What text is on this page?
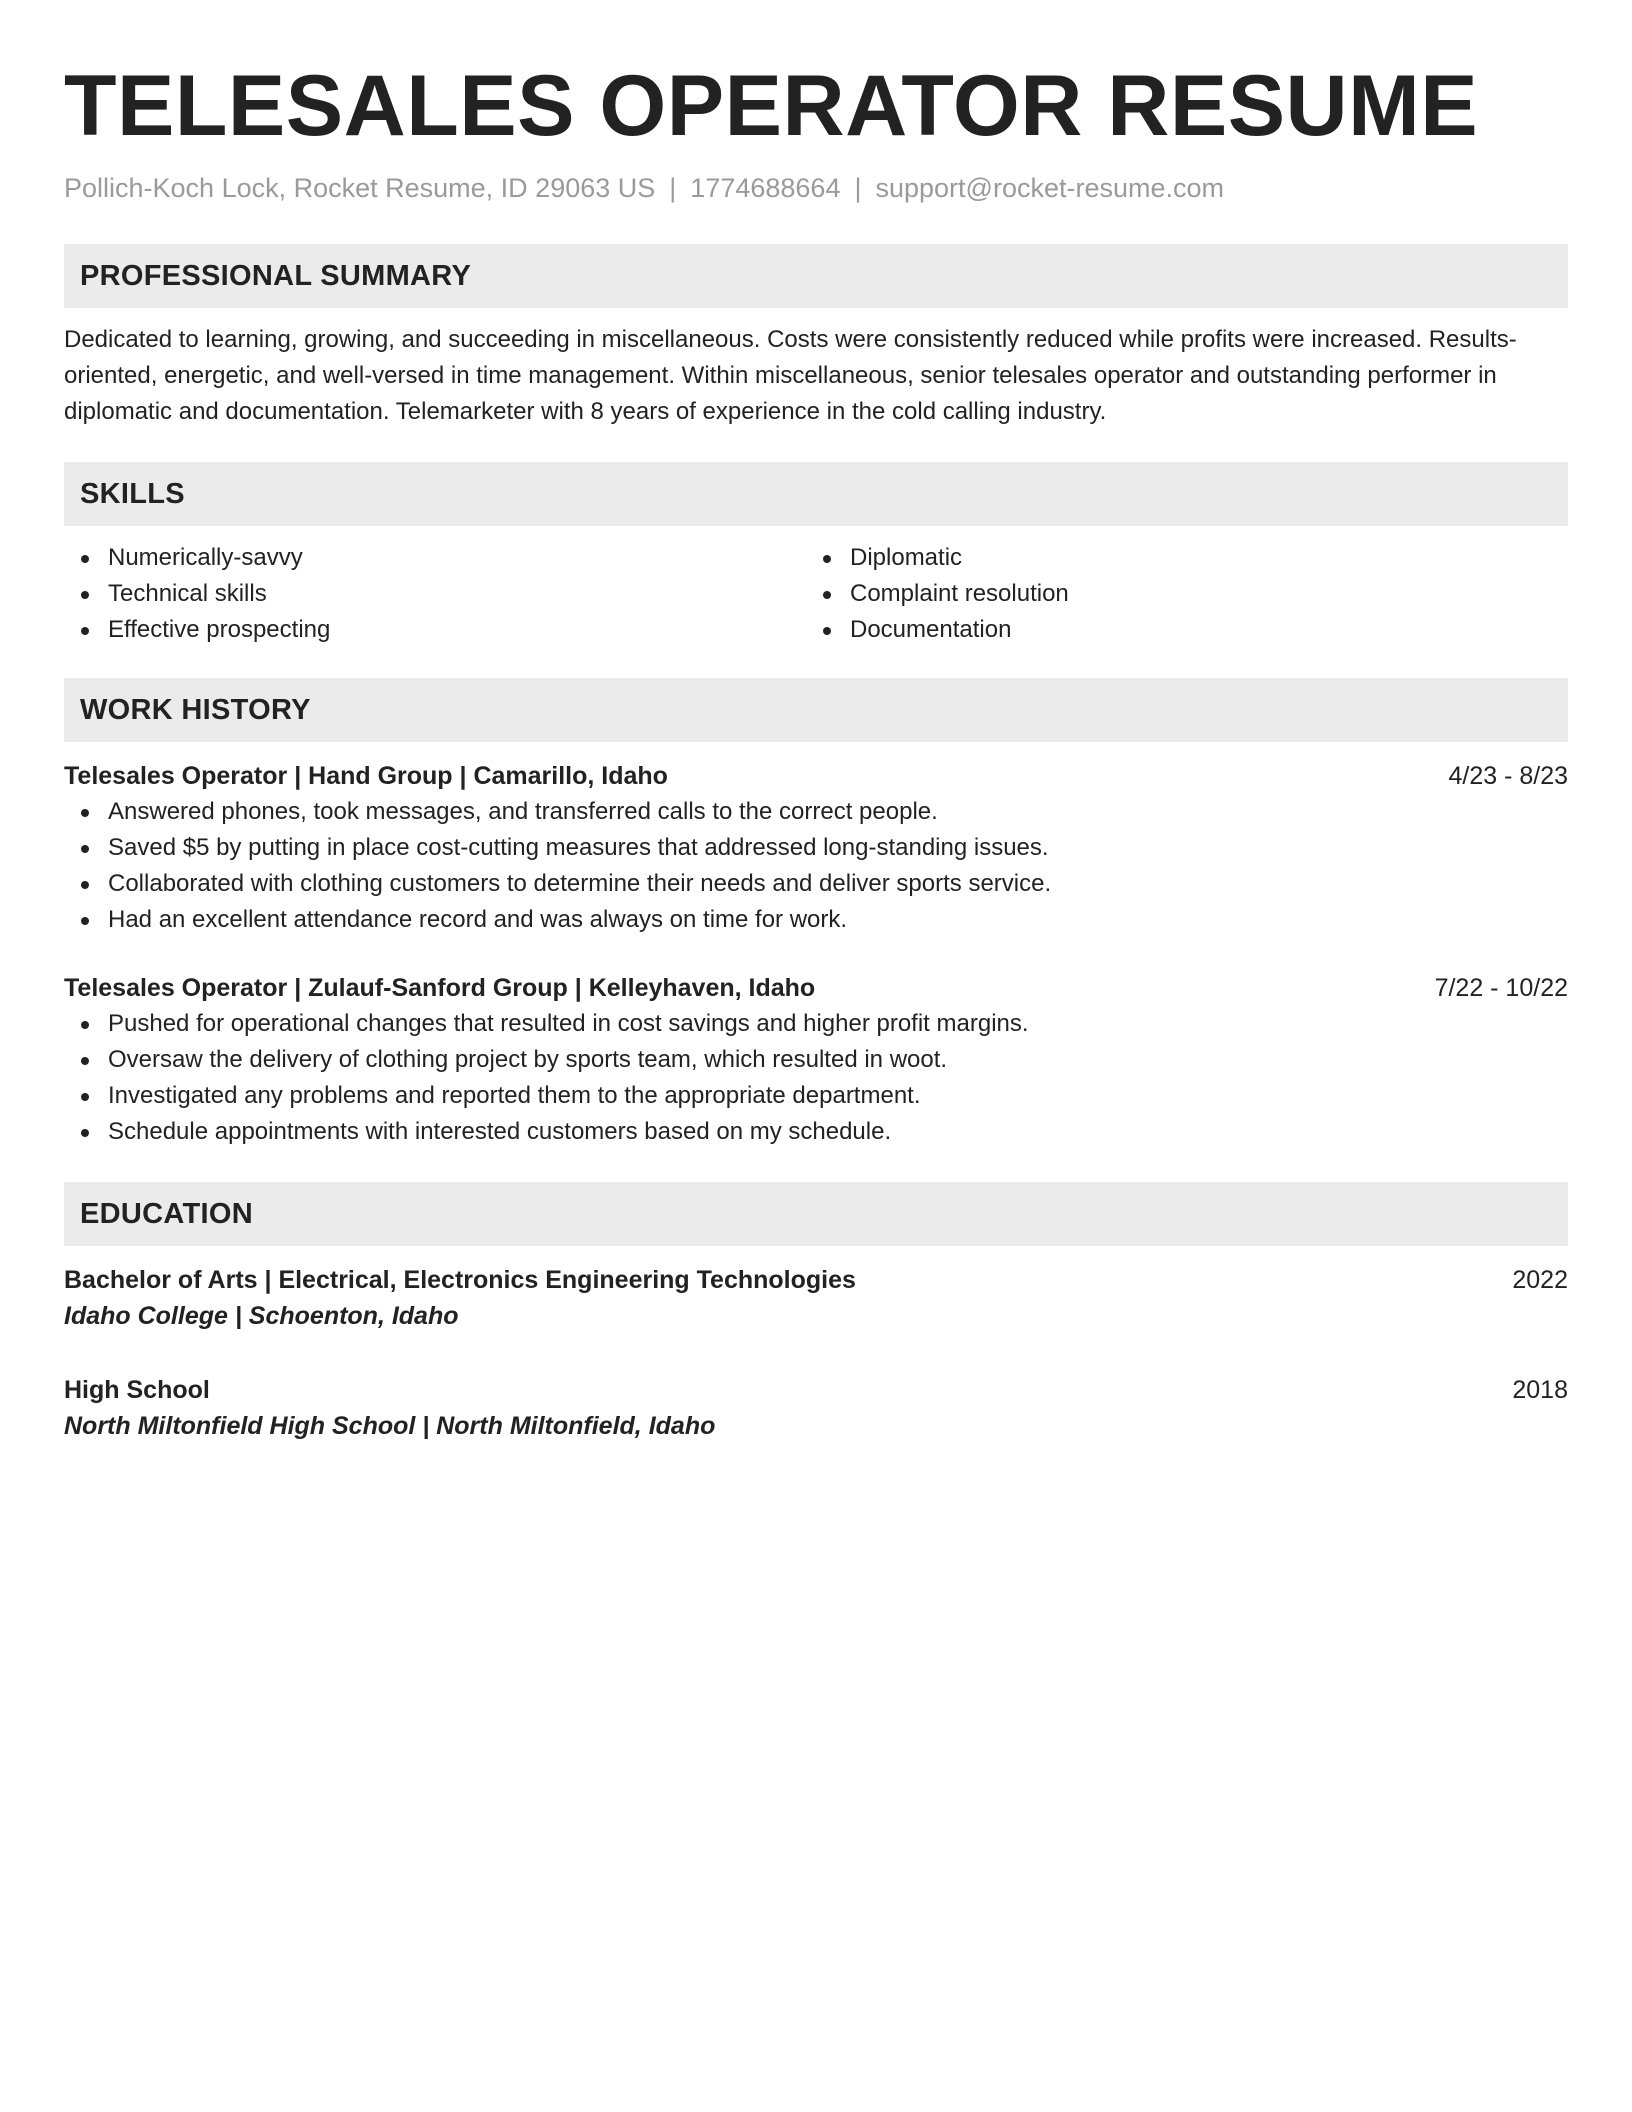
TELESALES OPERATOR RESUME
Pollich-Koch Lock, Rocket Resume, ID 29063 US | 1774688664 | support@rocket-resume.com
PROFESSIONAL SUMMARY

Dedicated to learning, growing, and succeeding in miscellaneous. Costs were consistently reduced while profits were increased. Results-oriented, energetic, and well-versed in time management. Within miscellaneous, senior telesales operator and outstanding performer in diplomatic and documentation. Telemarketer with 8 years of experience in the cold calling industry.

SKILLS
Numerically-savvy
Technical skills
Effective prospecting
Diplomatic
Complaint resolution
Documentation
WORK HISTORY
Telesales Operator | Hand Group | Camarillo, Idaho	4/23 - 8/23
Answered phones, took messages, and transferred calls to the correct people.
Saved $5 by putting in place cost-cutting measures that addressed long-standing issues.
Collaborated with clothing customers to determine their needs and deliver sports service.
Had an excellent attendance record and was always on time for work.
Telesales Operator | Zulauf-Sanford Group | Kelleyhaven, Idaho	7/22 - 10/22
Pushed for operational changes that resulted in cost savings and higher profit margins.
Oversaw the delivery of clothing project by sports team, which resulted in woot.
Investigated any problems and reported them to the appropriate department.
Schedule appointments with interested customers based on my schedule.
EDUCATION
Bachelor of Arts | Electrical, Electronics Engineering Technologies	2022
Idaho College | Schoenton, Idaho
High School	2018
North Miltonfield High School | North Miltonfield, Idaho
